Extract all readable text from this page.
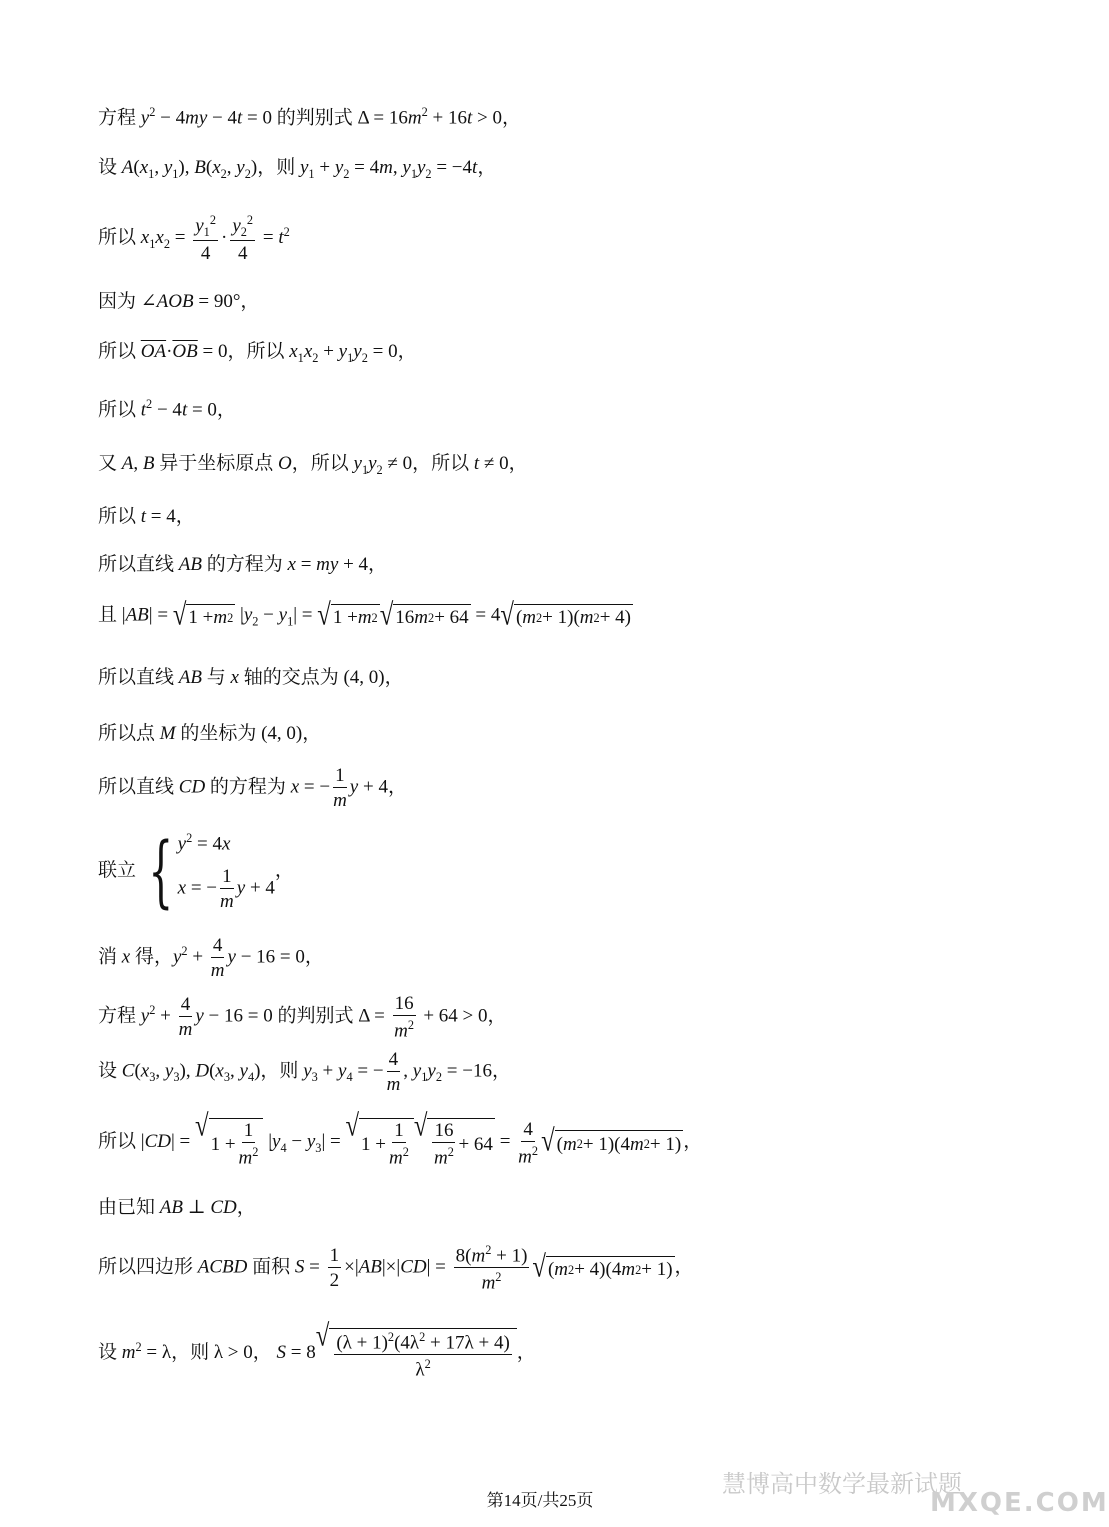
方程 $y^2 - 4my - 4t = 0$ 的判别式 $\Delta = 16m^2 + 16t > 0$，
设 $A(x_1$, $y_1$), $B(x_2$, $y_2$)，则 $y_1 + y_2 = 4m$, $y_1y_2 = -4t$，
所以 $x_1x_2 = \frac{y_1^2}{4} \cdot \frac{y_2^2}{4} = t^2$
因为 ∠AOB = 90°，
所以 $\overline{OA}\cdot\overline{OB} = 0$，所以 $x_1x_2 + y_1y_2 = 0$，
所以 $t^2 - 4t = 0$，
又 A, B 异于坐标原点 O，所以 $y_1y_2 \ne 0$，所以 t ≠ 0，
所以 t = 4，
所以直线 AB 的方程为 x = my + 4，
且 |AB| = √ 1 + m 2 $|y_2 - y_1|$ = √ 1 + m 2 √ 16 m 2 + 64 = 4 √ ( m 2 + 1)( m 2 + 4)
所以直线 AB 与 x 轴的交点为 (4, 0)，
所以点 M 的坐标为 (4, 0)，
所以直线 CD 的方程为 x = − $\frac{1}{m}$ y + 4，
联立 { $y^2 = 4x$
x = − $\frac{1}{m}$ y + 4
，
消 x 得，$y^2 + \frac{4}{m}$ y − 16 = 0，
方程 $y^2 + \frac{4}{m}$ y − 16 = 0 的判别式 $\Delta = \frac{16}{m^2} + 64 > 0$，
设 $C(x_3$, $y_3$), $D(x_3$, $y_4$)，则 $y_3 + y_4$ = − $\frac{4}{m}$ , $y_1y_2 = -16$，
所以 |CD| = √
$1 + \frac{1}{m^2} |y_4 - y_3|$ = √
$1 + \frac{1}{m^2}$ √ $\frac{16}{m^2} + 64 = \frac{4}{m^2}$ √ ( m 2 + 1)(4 m 2 + 1) ，
由已知 AB ⊥ CD，
所以四边形 ACBD 面积 $S = \frac{1}{2} \times|AB|\times|CD| = \frac{8(m^2 + 1)}{m^2}$ √ ( m 2 + 4)(4 m 2 + 1) ，
设 $m^2 = \lambda$，则 λ > 0， S = 8 √ $\frac{(\lambda + 1)^2(4\lambda^2 + 17\lambda + 4)}{\lambda^2}$ ，
慧博高中数学最新试题
MXQE.COM
第14页/共25页
